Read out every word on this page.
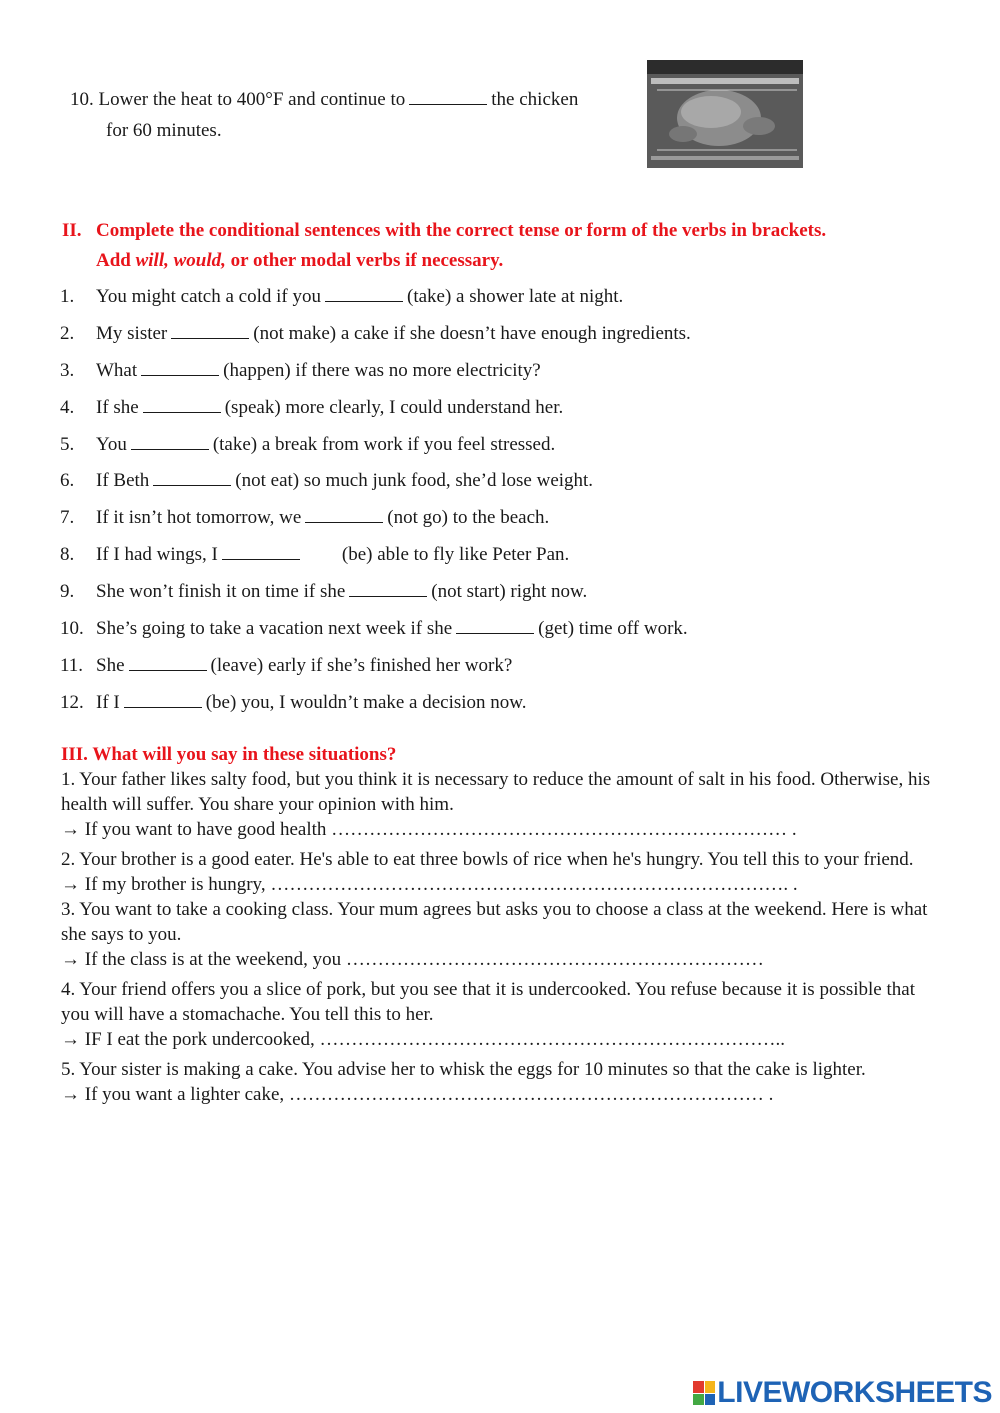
10. Lower the heat to 400°F and continue to	the chicken
for 60 minutes.
II. Complete the conditional sentences with the correct tense or form of the verbs in brackets.
Add will, would, or other modal verbs if necessary.
1. You might catch a cold if you	(take) a shower late at night.
2. My sister	(not make) a cake if she doesn’t have enough ingredients.
3. What	(happen) if there was no more electricity?
4. If she	(speak) more clearly, I could understand her.
5. You	(take) a break from work if you feel stressed.
6. If Beth	(not eat) so much junk food, she’d lose weight.
7. If it isn’t hot tomorrow, we	(not go) to the beach.
8. If I had wings, I	(be) able to fly like Peter Pan.
9. She won’t finish it on time if she	(not start) right now.
10. She’s going to take a vacation next week if she	(get) time off work.
11. She	(leave) early if she’s finished her work?
12. If I	(be) you, I wouldn’t make a decision now.
III. What will you say in these situations?
1. Your father likes salty food, but you think it is necessary to reduce the amount of salt in his food. Otherwise, his health will suffer. You share your opinion with him.
→ If you want to have good health ……………………………………………………………… .
2. Your brother is a good eater. He's able to eat three bowls of rice when he's hungry. You tell this to your friend.
→ If my brother is hungry, ………………………………………………………………………. .
3. You want to take a cooking class. Your mum agrees but asks you to choose a class at the weekend. Here is what she says to you.
→ If the class is at the weekend, you …………………………………………………………
4. Your friend offers you a slice of pork, but you see that it is undercooked. You refuse because it is possible that you will have a stomachache. You tell this to her.
→ IF I eat the pork undercooked, ………………………………………………………………..
5. Your sister is making a cake. You advise her to whisk the eggs for 10 minutes so that the cake is lighter.
→ If you want a lighter cake, ………………………………………………………………… .
LIVEWORKSHEETS
